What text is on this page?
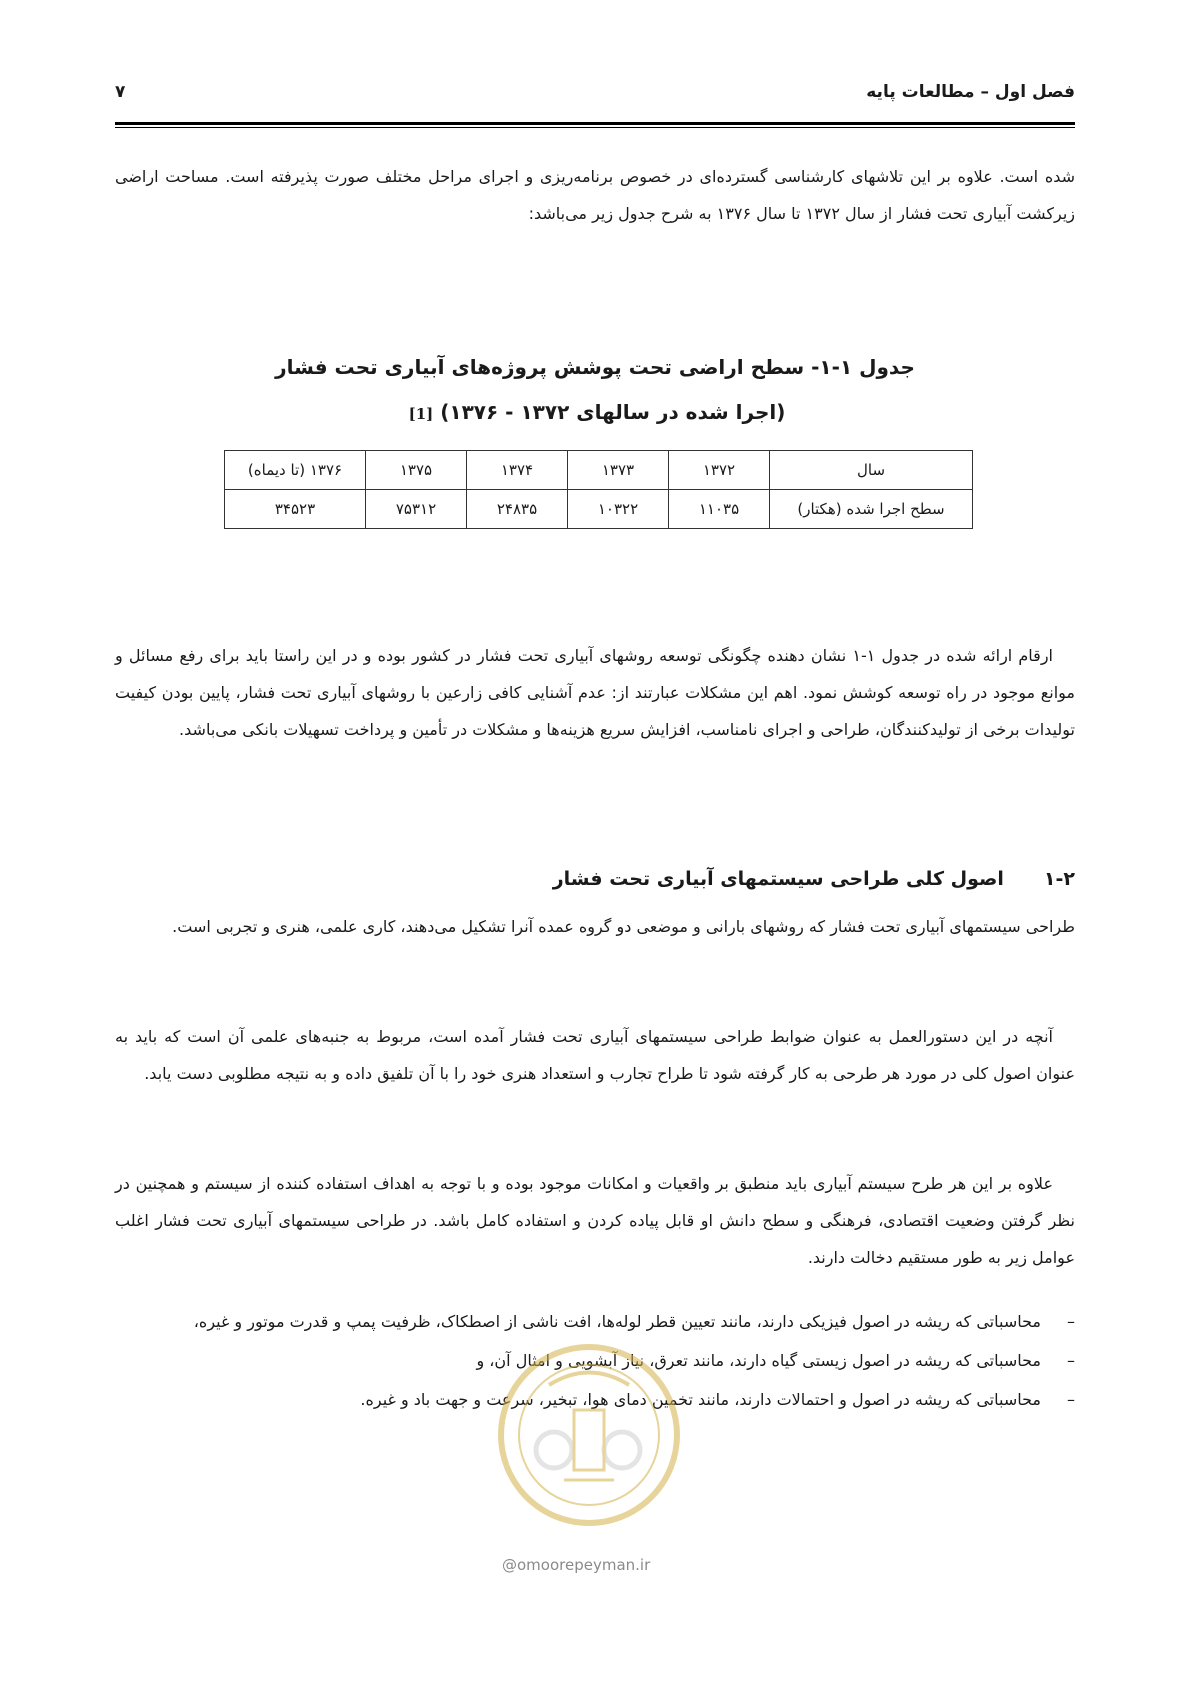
فصل اول – مطالعات پایه
۷
شده است. علاوه بر این تلاشهای کارشناسی گسترده‌ای در خصوص برنامه‌ریزی و اجرای مراحل مختلف صورت پذیرفته است. مساحت اراضی زیرکشت آبیاری تحت فشار از سال ۱۳۷۲ تا سال ۱۳۷۶ به شرح جدول زیر می‌باشد:
جدول ۱-۱- سطح اراضی تحت پوشش پروژه‌های آبیاری تحت فشار
(اجرا شده در سالهای ۱۳۷۲ - ۱۳۷۶) [1]
سال	۱۳۷۲	۱۳۷۳	۱۳۷۴	۱۳۷۵	۱۳۷۶ (تا دیماه)
سطح اجرا شده (هکتار)	۱۱۰۳۵	۱۰۳۲۲	۲۴۸۳۵	۷۵۳۱۲	۳۴۵۲۳
ارقام ارائه شده در جدول ۱-۱ نشان دهنده چگونگی توسعه روشهای آبیاری تحت فشار در کشور بوده و در این راستا باید برای رفع مسائل و موانع موجود در راه توسعه کوشش نمود. اهم این مشکلات عبارتند از: عدم آشنایی کافی زارعین با روشهای آبیاری تحت فشار، پایین بودن کیفیت تولیدات برخی از تولیدکنندگان، طراحی و اجرای نامناسب، افزایش سریع هزینه‌ها و مشکلات در تأمین و پرداخت تسهیلات بانکی می‌باشد.
۱-۲
اصول کلی طراحی سیستمهای آبیاری تحت فشار
طراحی سیستمهای آبیاری تحت فشار که روشهای بارانی و موضعی دو گروه عمده آنرا تشکیل می‌دهند، کاری علمی، هنری و تجربی است.
آنچه در این دستورالعمل به عنوان ضوابط طراحی سیستمهای آبیاری تحت فشار آمده است، مربوط به جنبه‌های علمی آن است که باید به عنوان اصول کلی در مورد هر طرحی به کار گرفته شود تا طراح تجارب و استعداد هنری خود را با آن تلفیق داده و به نتیجه مطلوبی دست یابد.
علاوه بر این هر طرح سیستم آبیاری باید منطبق بر واقعیات و امکانات موجود بوده و با توجه به اهداف استفاده کننده از سیستم و همچنین در نظر گرفتن وضعیت اقتصادی، فرهنگی و سطح دانش او قابل پیاده کردن و استفاده کامل باشد. در طراحی سیستمهای آبیاری تحت فشار اغلب عوامل زیر به طور مستقیم دخالت دارند.
–
محاسباتی که ریشه در اصول فیزیکی دارند، مانند تعیین قطر لوله‌ها، افت ناشی از اصطکاک، ظرفیت پمپ و قدرت موتور و غیره،
–
محاسباتی که ریشه در اصول زیستی گیاه دارند، مانند تعرق، نیاز آبشویی و امثال آن، و
–
محاسباتی که ریشه در اصول و احتمالات دارند، مانند تخمین دمای هوا، تبخیر، سرعت و جهت باد و غیره.
@omoorepeyman.ir
